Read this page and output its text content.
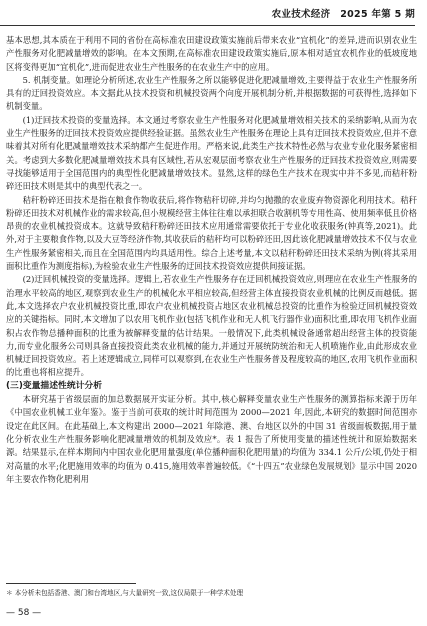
农业技术经济　2025 年第 5 期

基本思想,其本质在于利用不同的省份在高标准农田建设政策实施前后带来农业“宜机化”的差异,进而识别农业生产性服务对化肥减量增效的影响。在本文预期,在高标准农田建设政策实施后,原本相对适宜农机作业的低坡度地区将变得更加“宜机化”,进而促进农业生产性服务的在农业生产中的应用。

5. 机制变量。如理论分析所述,农业生产性服务之所以能够促进化肥减量增效,主要得益于农业生产性服务所具有的迂回投资效应。本文据此从技术投资和机械投资两个向度开展机制分析,并根据数据的可获得性,选择如下机制变量。

(1)迂回技术投资的变量选择。本文通过考察农业生产性服务对化肥减量增效相关技术的采纳影响,从而为农业生产性服务的迂回技术投资效应提供经验证据。虽然农业生产性服务在理论上具有迂回技术投资效应,但并不意味着其对所有化肥减量增效技术采纳都产生促进作用。严格来说,此类生产技术特性必然与农业专业化服务紧密相关。考虑到大多数化肥减量增效技术具有区域性,若从宏观层面考察农业生产性服务的迂回技术投资效应,则需要寻找能够适用于全国范围内的典型性化肥减量增效技术。显然,这样的绿色生产技术在现实中并不多见,而秸秆粉碎还田技术则是其中的典型代表之一。

秸秆粉碎还田技术是指在粮食作物收获后,将作物秸秆切碎,并均匀抛撒的农业废弃物资源化利用技术。秸秆粉碎还田技术对机械作业的需求较高,但小规模经营主体往往难以承担联合收割机等专用性高、使用频率低且价格昂贵的农业机械投资成本。这就导致秸秆粉碎还田技术应用通常需要依托于专业化收获服务(钟真等,2021)。此外,对于主要粮食作物,以及大豆等经济作物,其收获后的秸秆均可以粉碎还田,因此该化肥减量增效技术不仅与农业生产性服务紧密相关,而且在全国范围内均具适用性。综合上述考量,本文以秸秆粉碎还田技术采纳为例(将其采用面积比重作为测度指标),为检验农业生产性服务的迂回技术投资效应提供间接证据。

(2)迂回机械投资的变量选择。逻辑上,若农业生产性服务存在迂回机械投资效应,则理应在农业生产性服务的治理水平较高的地区,观察到农业生产的机械化水平相应较高,但经营主体直接投资农业机械的比例反而越低。据此,本文选择农户农业机械投资比重,即农户农业机械投资占地区农业机械总投资的比重作为检验迂回机械投资效应的关键指标。同时,本文增加了以农用飞机作业(包括飞机作业和无人机飞行器作业)面积比重,即农用飞机作业面积占农作物总播种面积的比重为被解释变量的估计结果。一般情况下,此类机械设备通常超出经营主体的投资能力,而专业化服务公司则具备直接投资此类农业机械的能力,并通过开展统防统治和无人机喷施作业,由此形成农业机械迂回投资效应。若上述逻辑成立,同样可以观察到,在农业生产性服务普及程度较高的地区,农用飞机作业面积的比重也将相应提升。

(三)变量描述性统计分析

本研究基于省级层面的加总数据展开实证分析。其中,核心解释变量农业生产性服务的测算指标来源于历年《中国农业机械工业年鉴》。鉴于当前可获取的统计时间范围为 2000—2021 年,因此,本研究的数据时间范围亦设定在此区间。在此基础上,本文构建出 2000—2021 年除港、澳、台地区以外的中国 31 省级面板数据,用于量化分析农业生产性服务影响化肥减量增效的机制及效应*。表 1 报告了所使用变量的描述性统计和原始数据来源。结果显示,在样本期间内中国农业化肥用量强度(单位播种面积化肥用量)的均值为 334.1 公斤/公顷,仍处于相对高量的水平;化肥施用效率的均值为 0.415,施用效率普遍较低。《“十四五”农业绿色发展规划》显示中国 2020 年主要农作物化肥利用

＊ 本分析未包括香港、澳门和台湾地区,与大量研究一致,这仅局限于一种学术处理
— 58 —
